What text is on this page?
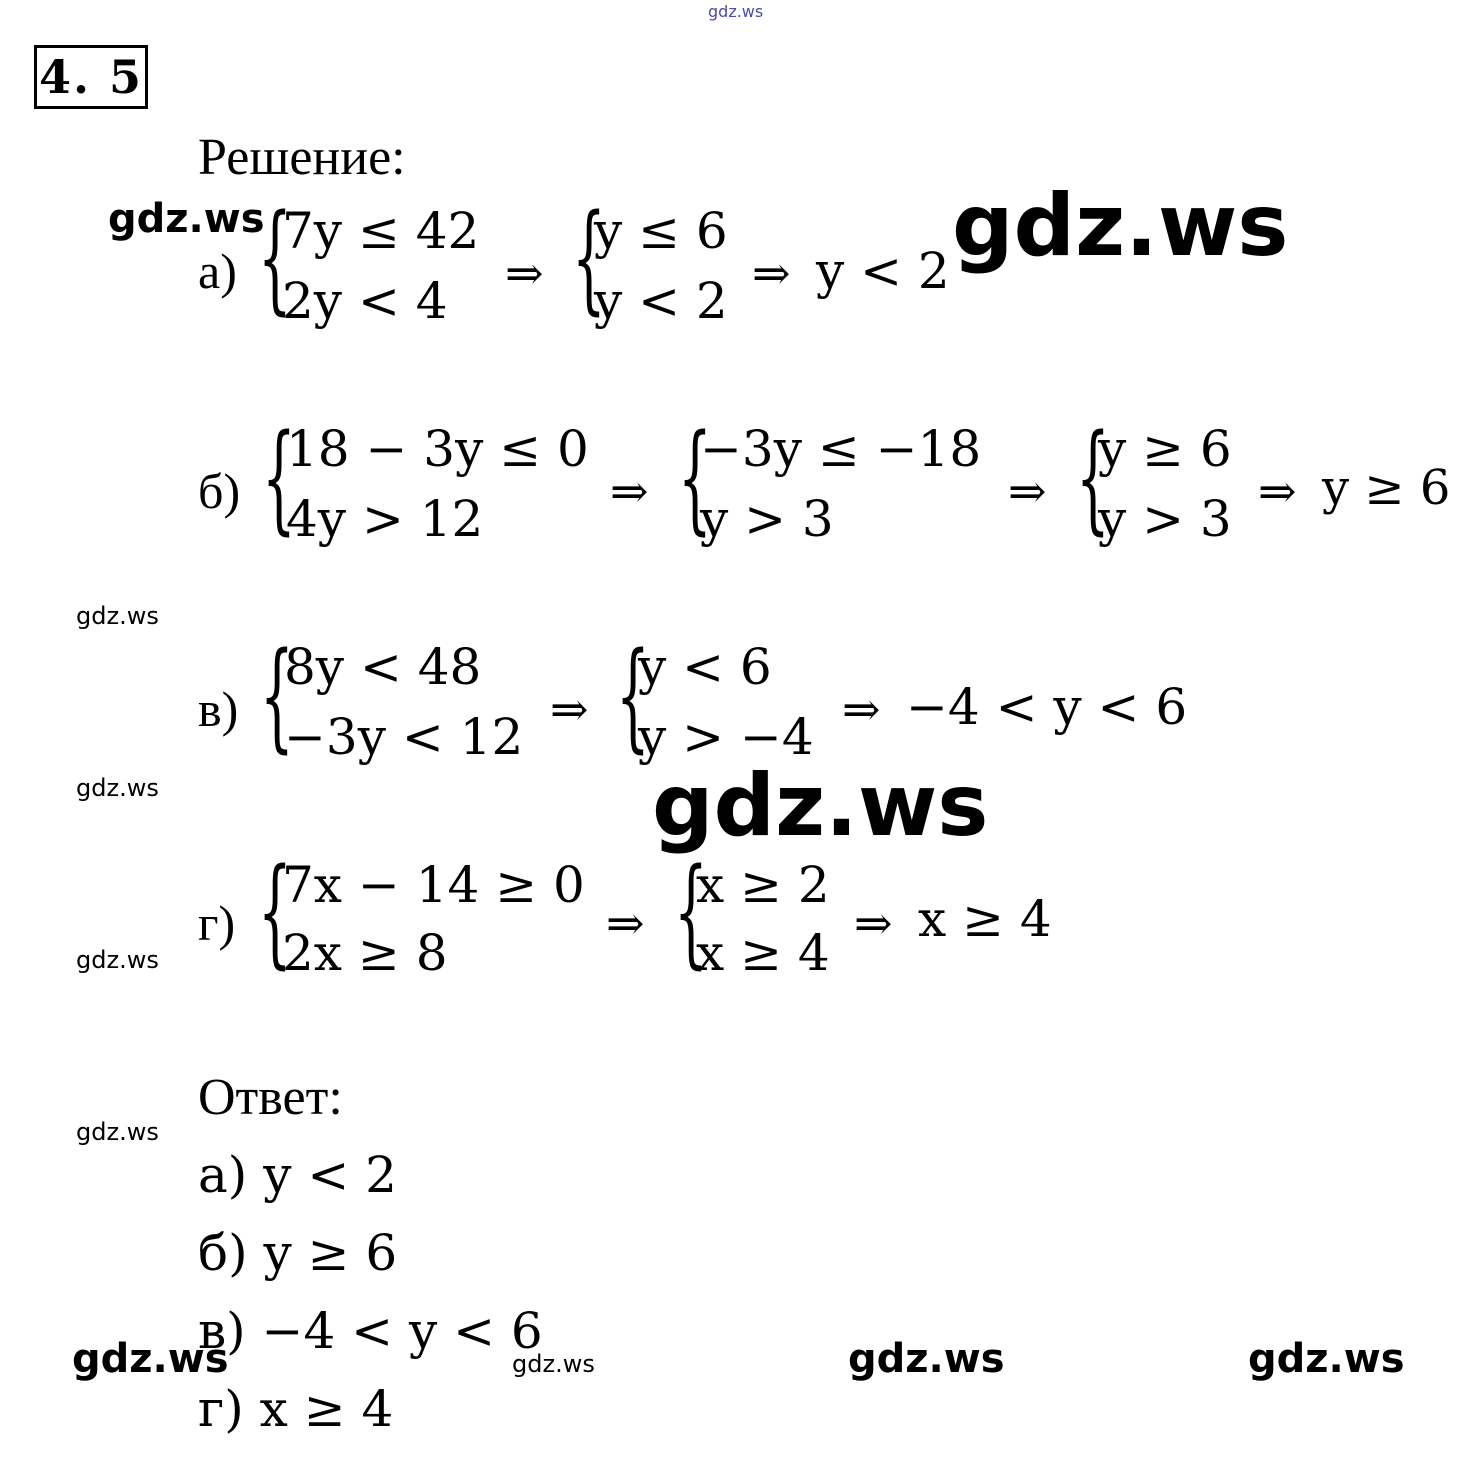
gdz.ws
4. 5
Решение:
а) {
7y ≤ 42
2y < 4 ⇒ {
y ≤ 6
y < 2 ⇒ y < 2
б) {
18 − 3y ≤ 0
4y > 12	⇒ {
−3y ≤ −18
y > 3	⇒ {
y ≥ 6
y > 3 ⇒ y ≥ 6
в) {
8y < 48
−3y < 12 ⇒ {
y < 6
y > −4 ⇒ −4 < y < 6
г) {
7x − 14 ≥ 0
2x ≥ 8
⇒ {
x ≥ 2
x ≥ 4
⇒ x ≥ 4
Ответ:
а) y < 2
б) y ≥ 6
в) −4 < y < 6
г) x ≥ 4
gdz.ws
gdz.ws
gdz.ws
gdz.ws	gdz.ws	gdz.ws
gdz.ws
gdz.ws
gdz.ws
gdz.ws
gdz.ws
